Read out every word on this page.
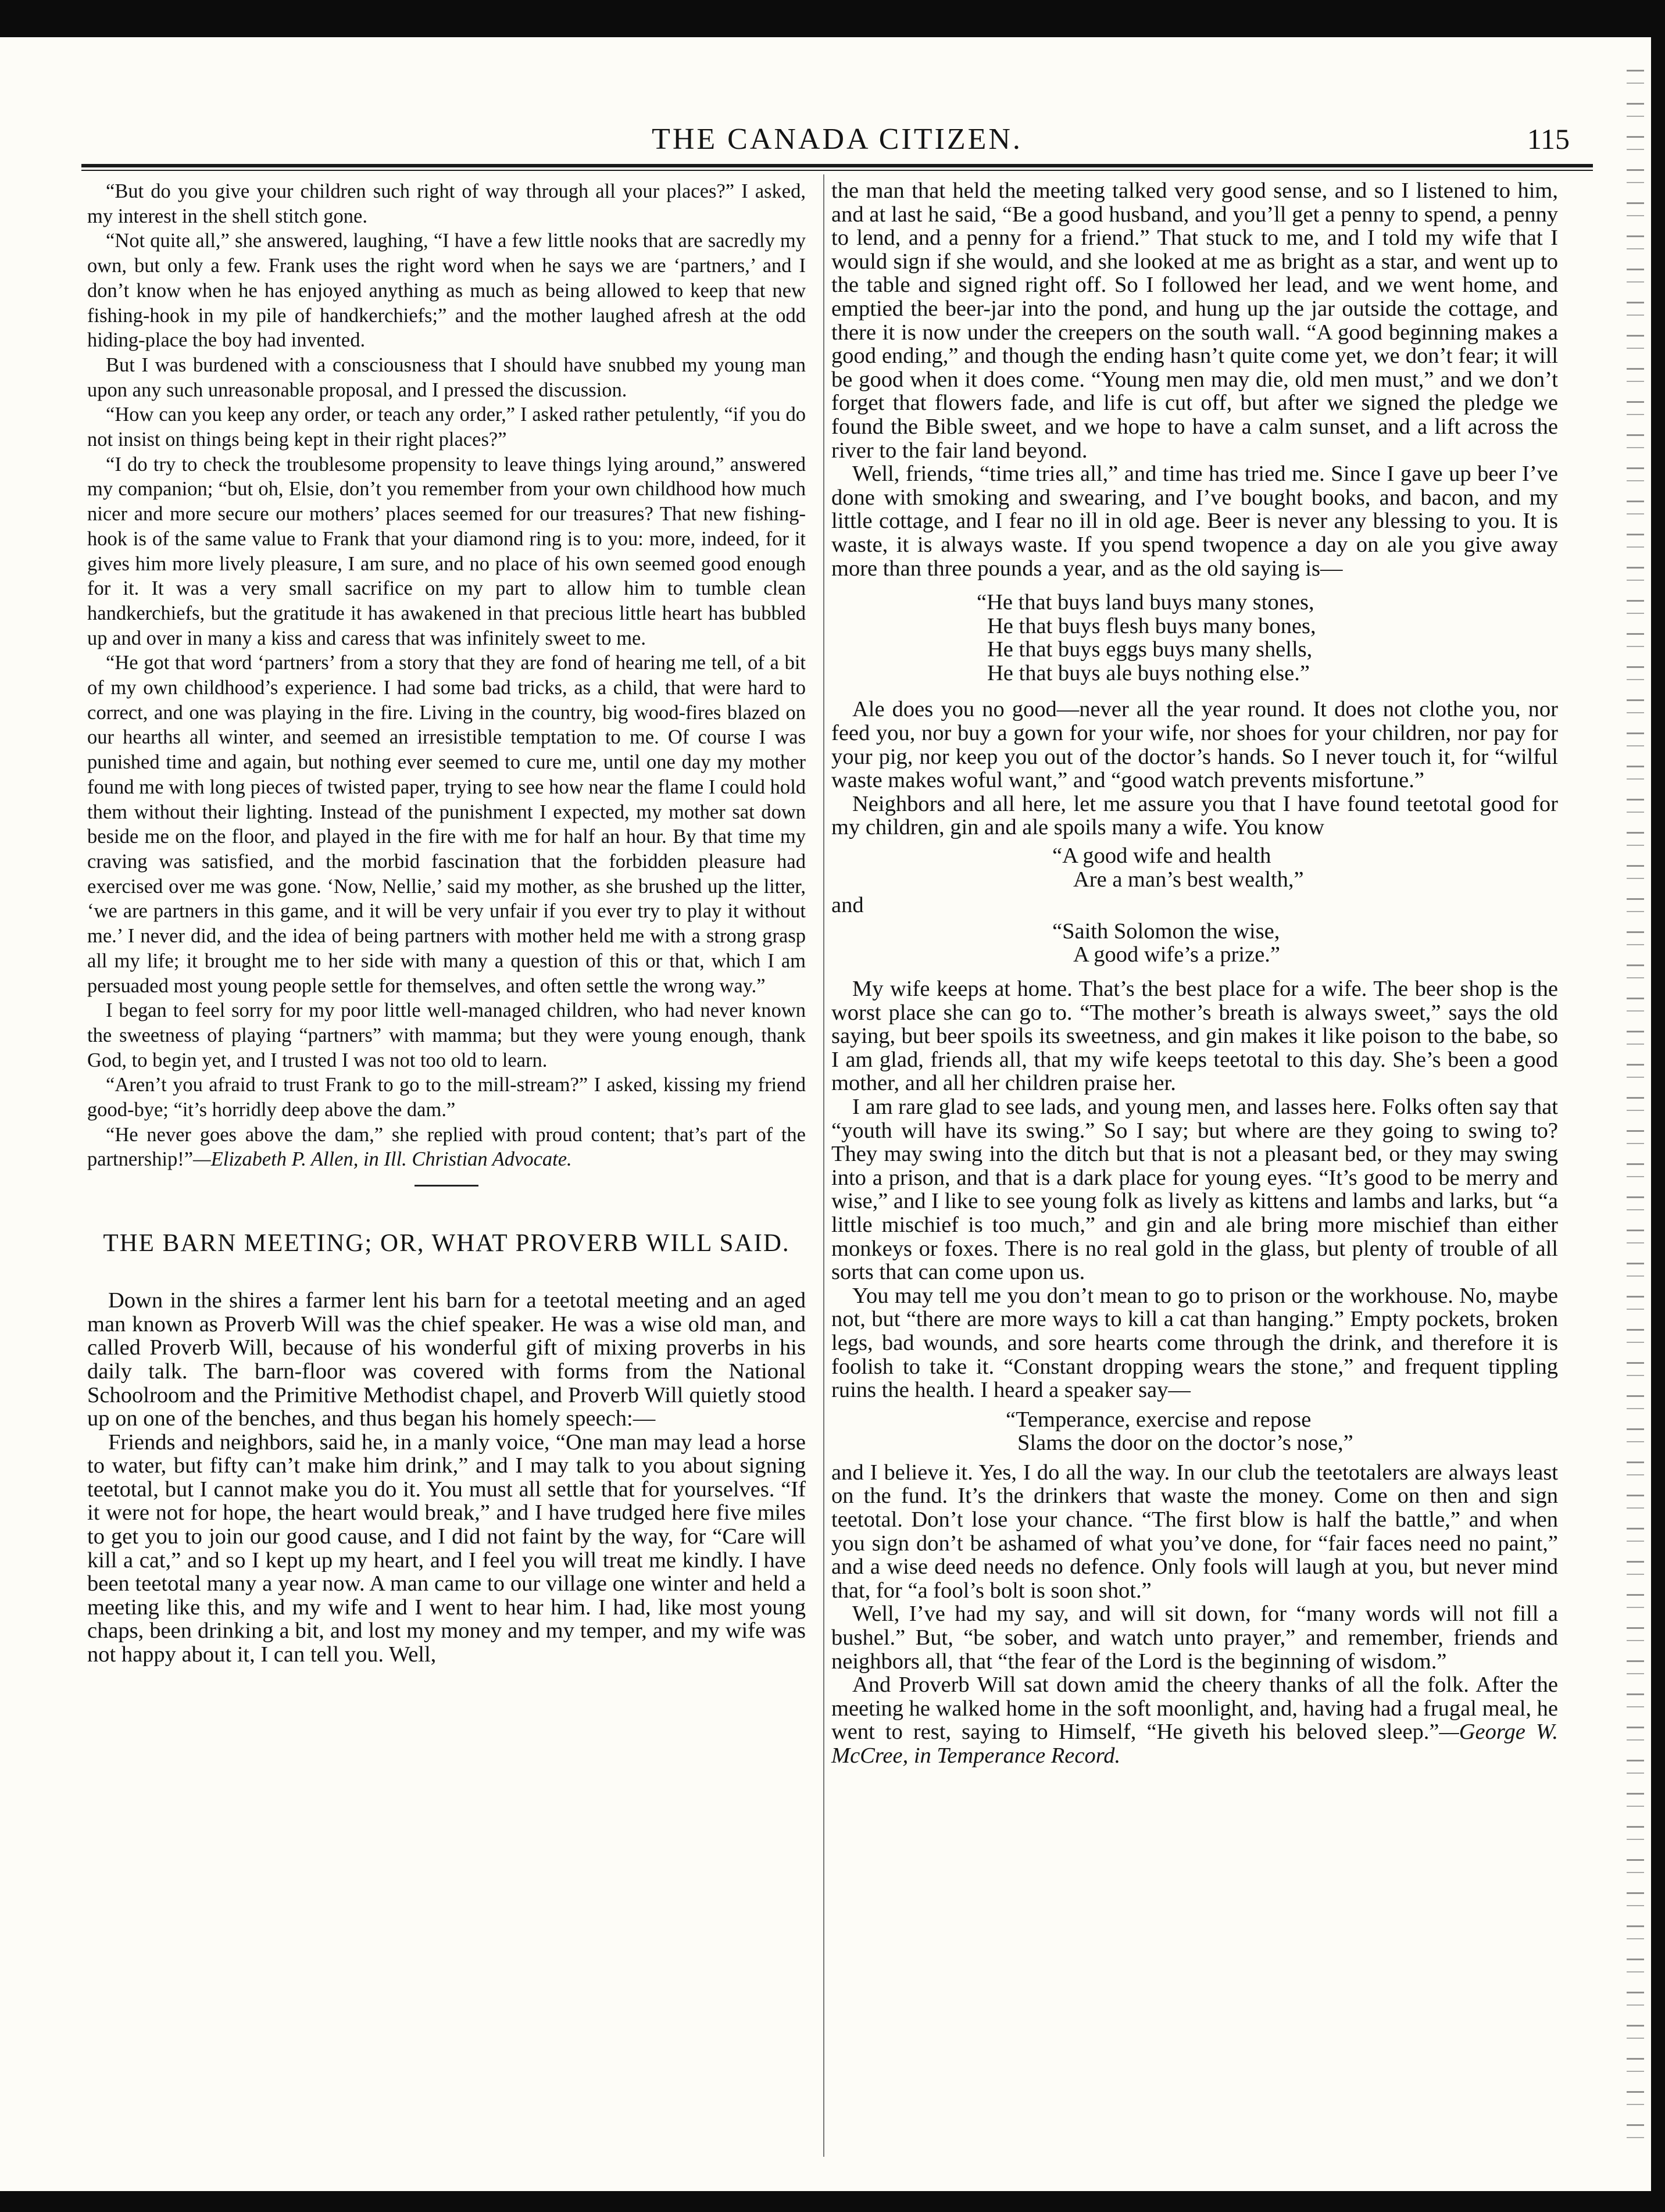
THE CANADA CITIZEN.	115

“But do you give your children such right of way through all your places?” I asked, my interest in the shell stitch gone.

“Not quite all,” she answered, laughing, “I have a few little nooks that are sacredly my own, but only a few. Frank uses the right word when he says we are ‘partners,’ and I don’t know when he has enjoyed anything as much as being allowed to keep that new fishing-hook in my pile of handkerchiefs;” and the mother laughed afresh at the odd hiding-place the boy had invented.

But I was burdened with a consciousness that I should have snubbed my young man upon any such unreasonable proposal, and I pressed the discussion.

“How can you keep any order, or teach any order,” I asked rather petulently, “if you do not insist on things being kept in their right places?”

“I do try to check the troublesome propensity to leave things lying around,” answered my companion; “but oh, Elsie, don’t you remember from your own childhood how much nicer and more secure our mothers’ places seemed for our treasures? That new fishing-hook is of the same value to Frank that your diamond ring is to you: more, indeed, for it gives him more lively pleasure, I am sure, and no place of his own seemed good enough for it. It was a very small sacrifice on my part to allow him to tumble clean handkerchiefs, but the gratitude it has awakened in that precious little heart has bubbled up and over in many a kiss and caress that was infinitely sweet to me.

“He got that word ‘partners’ from a story that they are fond of hearing me tell, of a bit of my own childhood’s experience. I had some bad tricks, as a child, that were hard to correct, and one was playing in the fire. Living in the country, big wood-fires blazed on our hearths all winter, and seemed an irresistible temptation to me. Of course I was punished time and again, but nothing ever seemed to cure me, until one day my mother found me with long pieces of twisted paper, trying to see how near the flame I could hold them without their lighting. Instead of the punishment I expected, my mother sat down beside me on the floor, and played in the fire with me for half an hour. By that time my craving was satisfied, and the morbid fascination that the forbidden pleasure had exercised over me was gone. ‘Now, Nellie,’ said my mother, as she brushed up the litter, ‘we are partners in this game, and it will be very unfair if you ever try to play it without me.’ I never did, and the idea of being partners with mother held me with a strong grasp all my life; it brought me to her side with many a question of this or that, which I am persuaded most young people settle for themselves, and often settle the wrong way.”

I began to feel sorry for my poor little well-managed children, who had never known the sweetness of playing “partners” with mamma; but they were young enough, thank God, to begin yet, and I trusted I was not too old to learn.

“Aren’t you afraid to trust Frank to go to the mill-stream?” I asked, kissing my friend good-bye; “it’s horridly deep above the dam.”

“He never goes above the dam,” she replied with proud content; that’s part of the partnership!”—Elizabeth P. Allen, in Ill. Christian Advocate.

THE BARN MEETING; OR, WHAT PROVERB WILL SAID.

Down in the shires a farmer lent his barn for a teetotal meeting and an aged man known as Proverb Will was the chief speaker. He was a wise old man, and called Proverb Will, because of his wonderful gift of mixing proverbs in his daily talk. The barn-floor was covered with forms from the National Schoolroom and the Primitive Methodist chapel, and Proverb Will quietly stood up on one of the benches, and thus began his homely speech:—

Friends and neighbors, said he, in a manly voice, “One man may lead a horse to water, but fifty can’t make him drink,” and I may talk to you about signing teetotal, but I cannot make you do it. You must all settle that for yourselves. “If it were not for hope, the heart would break,” and I have trudged here five miles to get you to join our good cause, and I did not faint by the way, for “Care will kill a cat,” and so I kept up my heart, and I feel you will treat me kindly. I have been teetotal many a year now. A man came to our village one winter and held a meeting like this, and my wife and I went to hear him. I had, like most young chaps, been drinking a bit, and lost my money and my temper, and my wife was not happy about it, I can tell you. Well,

the man that held the meeting talked very good sense, and so I listened to him, and at last he said, “Be a good husband, and you’ll get a penny to spend, a penny to lend, and a penny for a friend.” That stuck to me, and I told my wife that I would sign if she would, and she looked at me as bright as a star, and went up to the table and signed right off. So I followed her lead, and we went home, and emptied the beer-jar into the pond, and hung up the jar outside the cottage, and there it is now under the creepers on the south wall. “A good beginning makes a good ending,” and though the ending hasn’t quite come yet, we don’t fear; it will be good when it does come. “Young men may die, old men must,” and we don’t forget that flowers fade, and life is cut off, but after we signed the pledge we found the Bible sweet, and we hope to have a calm sunset, and a lift across the river to the fair land beyond.

Well, friends, “time tries all,” and time has tried me. Since I gave up beer I’ve done with smoking and swearing, and I’ve bought books, and bacon, and my little cottage, and I fear no ill in old age. Beer is never any blessing to you. It is waste, it is always waste. If you spend twopence a day on ale you give away more than three pounds a year, and as the old saying is—

“He that buys land buys many stones,
He that buys flesh buys many bones,
He that buys eggs buys many shells,
He that buys ale buys nothing else.”

Ale does you no good—never all the year round. It does not clothe you, nor feed you, nor buy a gown for your wife, nor shoes for your children, nor pay for your pig, nor keep you out of the doctor’s hands. So I never touch it, for “wilful waste makes woful want,” and “good watch prevents misfortune.”

Neighbors and all here, let me assure you that I have found teetotal good for my children, gin and ale spoils many a wife. You know

“A good wife and health
Are a man’s best wealth,”

and

“Saith Solomon the wise,
A good wife’s a prize.”

My wife keeps at home. That’s the best place for a wife. The beer shop is the worst place she can go to. “The mother’s breath is always sweet,” says the old saying, but beer spoils its sweetness, and gin makes it like poison to the babe, so I am glad, friends all, that my wife keeps teetotal to this day. She’s been a good mother, and all her children praise her.

I am rare glad to see lads, and young men, and lasses here. Folks often say that “youth will have its swing.” So I say; but where are they going to swing to? They may swing into the ditch but that is not a pleasant bed, or they may swing into a prison, and that is a dark place for young eyes. “It’s good to be merry and wise,” and I like to see young folk as lively as kittens and lambs and larks, but “a little mischief is too much,” and gin and ale bring more mischief than either monkeys or foxes. There is no real gold in the glass, but plenty of trouble of all sorts that can come upon us.

You may tell me you don’t mean to go to prison or the workhouse. No, maybe not, but “there are more ways to kill a cat than hanging.” Empty pockets, broken legs, bad wounds, and sore hearts come through the drink, and therefore it is foolish to take it. “Constant dropping wears the stone,” and frequent tippling ruins the health. I heard a speaker say—

“Temperance, exercise and repose
Slams the door on the doctor’s nose,”

and I believe it. Yes, I do all the way. In our club the teetotalers are always least on the fund. It’s the drinkers that waste the money. Come on then and sign teetotal. Don’t lose your chance. “The first blow is half the battle,” and when you sign don’t be ashamed of what you’ve done, for “fair faces need no paint,” and a wise deed needs no defence. Only fools will laugh at you, but never mind that, for “a fool’s bolt is soon shot.”

Well, I’ve had my say, and will sit down, for “many words will not fill a bushel.” But, “be sober, and watch unto prayer,” and remember, friends and neighbors all, that “the fear of the Lord is the beginning of wisdom.”

And Proverb Will sat down amid the cheery thanks of all the folk. After the meeting he walked home in the soft moonlight, and, having had a frugal meal, he went to rest, saying to Himself, “He giveth his beloved sleep.”—George W. McCree, in Temperance Record.
